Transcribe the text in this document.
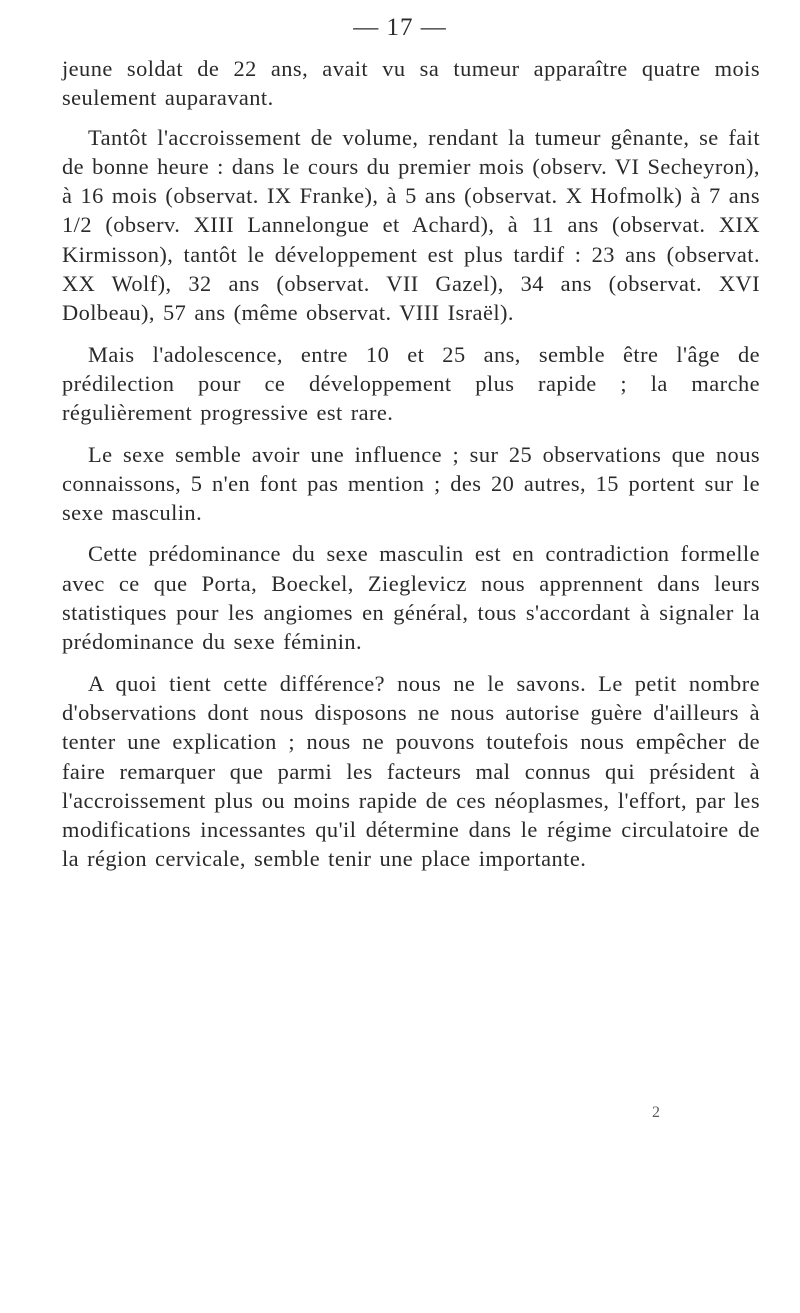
— 17 —

jeune soldat de 22 ans, avait vu sa tumeur apparaître quatre mois seulement auparavant.

Tantôt l'accroissement de volume, rendant la tumeur gênante, se fait de bonne heure : dans le cours du premier mois (observ. VI Secheyron), à 16 mois (observat. IX Franke), à 5 ans (observat. X Hofmolk) à 7 ans 1/2 (observ. XIII Lannelongue et Achard), à 11 ans (observat. XIX Kirmisson), tantôt le développement est plus tardif : 23 ans (observat. XX Wolf), 32 ans (observat. VII Gazel), 34 ans (observat. XVI Dolbeau), 57 ans (même observat. VIII Israël).

Mais l'adolescence, entre 10 et 25 ans, semble être l'âge de prédilection pour ce développement plus rapide ; la marche régulièrement progressive est rare.

Le sexe semble avoir une influence ; sur 25 observations que nous connaissons, 5 n'en font pas mention ; des 20 autres, 15 portent sur le sexe masculin.

Cette prédominance du sexe masculin est en contradiction formelle avec ce que Porta, Boeckel, Zieglevicz nous apprennent dans leurs statistiques pour les angiomes en général, tous s'accordant à signaler la prédominance du sexe féminin.

A quoi tient cette différence? nous ne le savons. Le petit nombre d'observations dont nous disposons ne nous autorise guère d'ailleurs à tenter une explication ; nous ne pouvons toutefois nous empêcher de faire remarquer que parmi les facteurs mal connus qui président à l'accroissement plus ou moins rapide de ces néoplasmes, l'effort, par les modifications incessantes qu'il détermine dans le régime circulatoire de la région cervicale, semble tenir une place importante.

2
